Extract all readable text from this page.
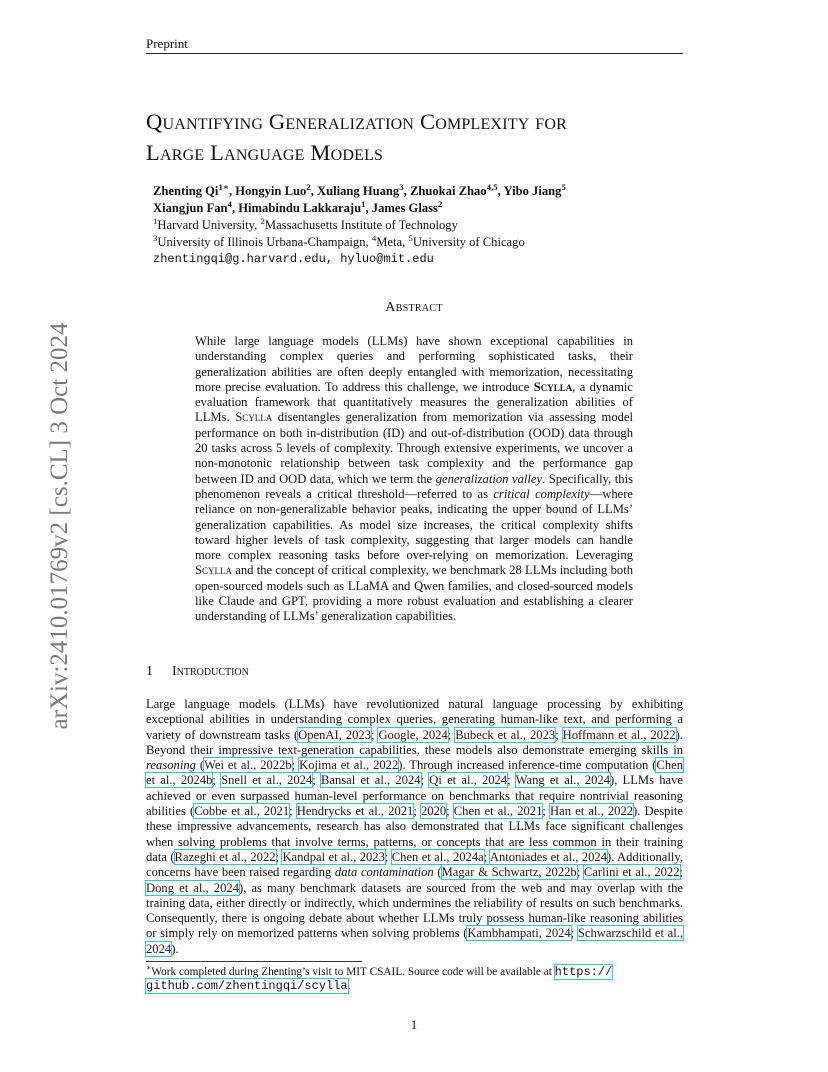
Preprint
arXiv:2410.01769v2 [cs.CL] 3 Oct 2024
Quantifying Generalization Complexity for
Large Language Models
Zhenting $Qi^{1∗}$, Hongyin Luo$^2$, Xuliang Huang$^3$, Zhuokai Zhao$^{4,5}$, Yibo Jiang$^5$
Xiangjun Fan$^4$, Himabindu Lakkaraju$^1$, James Glass$^2$
$^1$Harvard University, $^2$Massachusetts Institute of Technology
$^3$University of Illinois Urbana-Champaign, $^4$Meta, $^5$University of Chicago
zhentingqi@g.harvard.edu, hyluo@mit.edu
Abstract
While large language models (LLMs) have shown exceptional capabilities in understanding complex queries and performing sophisticated tasks, their generalization abilities are often deeply entangled with memorization, necessitating more precise evaluation. To address this challenge, we introduce Scylla, a dynamic evaluation framework that quantitatively measures the generalization abilities of LLMs. Scylla disentangles generalization from memorization via assessing model performance on both in-distribution (ID) and out-of-distribution (OOD) data through 20 tasks across 5 levels of complexity. Through extensive experiments, we uncover a non-monotonic relationship between task complexity and the performance gap between ID and OOD data, which we term the generalization valley. Specifically, this phenomenon reveals a critical threshold—referred to as critical complexity—where reliance on non-generalizable behavior peaks, indicating the upper bound of LLMs’ generalization capabilities. As model size increases, the critical complexity shifts toward higher levels of task complexity, suggesting that larger models can handle more complex reasoning tasks before over-relying on memorization. Leveraging Scylla and the concept of critical complexity, we benchmark 28 LLMs including both open-sourced models such as LLaMA and Qwen families, and closed-sourced models like Claude and GPT, providing a more robust evaluation and establishing a clearer understanding of LLMs’ generalization capabilities.
1 Introduction
Large language models (LLMs) have revolutionized natural language processing by exhibiting exceptional abilities in understanding complex queries, generating human-like text, and performing a variety of downstream tasks (OpenAI, 2023; Google, 2024; Bubeck et al., 2023; Hoffmann et al., 2022). Beyond their impressive text-generation capabilities, these models also demonstrate emerging skills in reasoning (Wei et al., 2022b; Kojima et al., 2022). Through increased inference-time computation (Chen et al., 2024b; Snell et al., 2024; Bansal et al., 2024; Qi et al., 2024; Wang et al., 2024), LLMs have achieved or even surpassed human-level performance on benchmarks that require nontrivial reasoning abilities (Cobbe et al., 2021; Hendrycks et al., 2021; 2020; Chen et al., 2021; Han et al., 2022). Despite these impressive advancements, research has also demonstrated that LLMs face significant challenges when solving problems that involve terms, patterns, or concepts that are less common in their training data (Razeghi et al., 2022; Kandpal et al., 2023; Chen et al., 2024a; Antoniades et al., 2024). Additionally, concerns have been raised regarding data contamination (Magar & Schwartz, 2022b; Carlini et al., 2022; Dong et al., 2024), as many benchmark datasets are sourced from the web and may overlap with the training data, either directly or indirectly, which undermines the reliability of results on such benchmarks. Consequently, there is ongoing debate about whether LLMs truly possess human-like reasoning abilities or simply rely on memorized patterns when solving problems (Kambhampati, 2024; Schwarzschild et al., 2024).
∗Work completed during Zhenting’s visit to MIT CSAIL. Source code will be available at https://
github.com/zhentingqi/scylla.
1
